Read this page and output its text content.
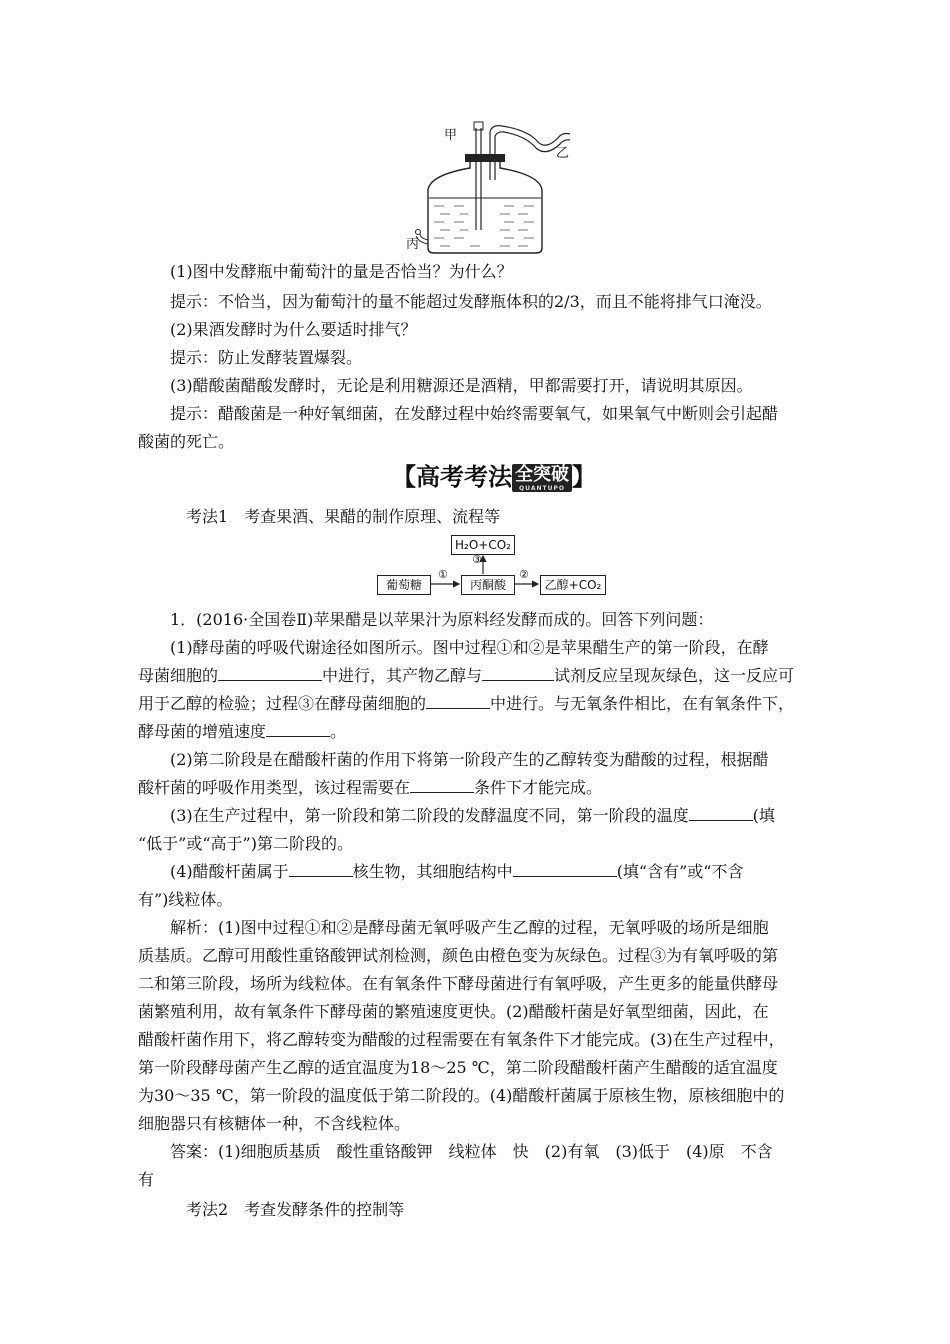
甲
乙
丙
(1)图中发酵瓶中葡萄汁的量是否恰当？为什么？
提示：不恰当，因为葡萄汁的量不能超过发酵瓶体积的2/3，而且不能将排气口淹没。
(2)果酒发酵时为什么要适时排气？
提示：防止发酵装置爆裂。
(3)醋酸菌醋酸发酵时，无论是利用糖源还是酒精，甲都需要打开，请说明其原因。
提示：醋酸菌是一种好氧细菌，在发酵过程中始终需要氧气，如果氧气中断则会引起醋
酸菌的死亡。
【高考考法 全突破
QUANTUPO 】
考法1　考查果酒、果醋的制作原理、流程等
H₂O+CO₂
葡萄糖	丙酮酸	乙醇+CO₂
①
③
②
1．(2016·全国卷Ⅱ)苹果醋是以苹果汁为原料经发酵而成的。回答下列问题：
(1)酵母菌的呼吸代谢途径如图所示。图中过程①和②是苹果醋生产的第一阶段，在酵
母菌细胞的	中进行，其产物乙醇与	试剂反应呈现灰绿色，这一反应可
用于乙醇的检验；过程③在酵母菌细胞的	中进行。与无氧条件相比，在有氧条件下，
酵母菌的增殖速度	。
(2)第二阶段是在醋酸杆菌的作用下将第一阶段产生的乙醇转变为醋酸的过程，根据醋
酸杆菌的呼吸作用类型，该过程需要在	条件下才能完成。
(3)在生产过程中，第一阶段和第二阶段的发酵温度不同，第一阶段的温度	(填
“低于”或“高于”)第二阶段的。
(4)醋酸杆菌属于	核生物，其细胞结构中	(填“含有”或“不含
有”)线粒体。
解析：(1)图中过程①和②是酵母菌无氧呼吸产生乙醇的过程，无氧呼吸的场所是细胞
质基质。乙醇可用酸性重铬酸钾试剂检测，颜色由橙色变为灰绿色。过程③为有氧呼吸的第
二和第三阶段，场所为线粒体。在有氧条件下酵母菌进行有氧呼吸，产生更多的能量供酵母
菌繁殖利用，故有氧条件下酵母菌的繁殖速度更快。(2)醋酸杆菌是好氧型细菌，因此，在
醋酸杆菌作用下，将乙醇转变为醋酸的过程需要在有氧条件下才能完成。(3)在生产过程中，
第一阶段酵母菌产生乙醇的适宜温度为18～25 ℃，第二阶段醋酸杆菌产生醋酸的适宜温度
为30～35 ℃，第一阶段的温度低于第二阶段的。(4)醋酸杆菌属于原核生物，原核细胞中的
细胞器只有核糖体一种，不含线粒体。
答案：(1)细胞质基质　酸性重铬酸钾　线粒体　快　(2)有氧　(3)低于　(4)原　不含
有
考法2　考查发酵条件的控制等
